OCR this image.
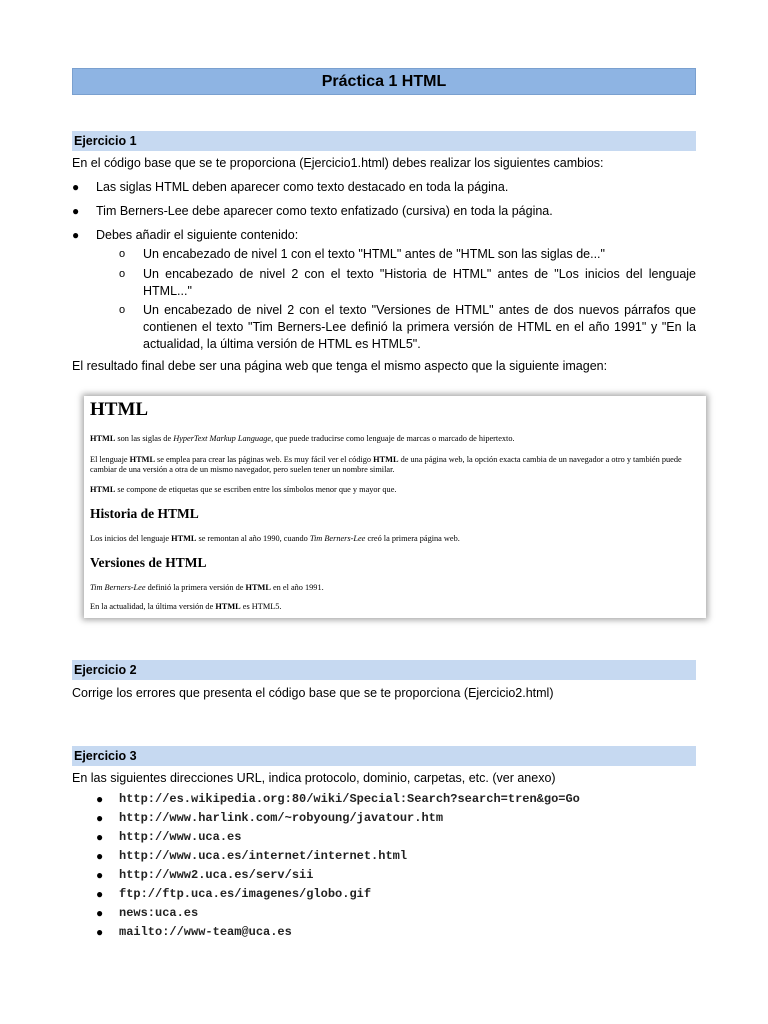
Práctica 1 HTML
Ejercicio 1
En el código base que se te proporciona (Ejercicio1.html) debes realizar los siguientes cambios:
● Las siglas HTML deben aparecer como texto destacado en toda la página.
● Tim Berners-Lee debe aparecer como texto enfatizado (cursiva) en toda la página.
● Debes añadir el siguiente contenido:
o Un encabezado de nivel 1 con el texto "HTML" antes de "HTML son las siglas de..."
o Un encabezado de nivel 2 con el texto "Historia de HTML" antes de "Los inicios del lenguaje HTML..."
o Un encabezado de nivel 2 con el texto "Versiones de HTML" antes de dos nuevos párrafos que contienen el texto "Tim Berners-Lee definió la primera versión de HTML en el año 1991" y "En la actualidad, la última versión de HTML es HTML5".
El resultado final debe ser una página web que tenga el mismo aspecto que la siguiente imagen:
HTML
HTML son las siglas de HyperText Markup Language, que puede traducirse como lenguaje de marcas o marcado de hipertexto.
El lenguaje HTML se emplea para crear las páginas web. Es muy fácil ver el código HTML de una página web, la opción exacta cambia de un navegador a otro y también puede cambiar de una versión a otra de un mismo navegador, pero suelen tener un nombre similar.
HTML se compone de etiquetas que se escriben entre los símbolos menor que y mayor que.
Historia de HTML
Los inicios del lenguaje HTML se remontan al año 1990, cuando Tim Berners-Lee creó la primera página web.
Versiones de HTML
Tim Berners-Lee definió la primera versión de HTML en el año 1991.
En la actualidad, la última versión de HTML es HTML5.
Ejercicio 2
Corrige los errores que presenta el código base que se te proporciona (Ejercicio2.html)
Ejercicio 3
En las siguientes direcciones URL, indica protocolo, dominio, carpetas, etc. (ver anexo)
● http://es.wikipedia.org:80/wiki/Special:Search?search=tren&go=Go
● http://www.harlink.com/~robyoung/javatour.htm
● http://www.uca.es
● http://www.uca.es/internet/internet.html
● http://www2.uca.es/serv/sii
● ftp://ftp.uca.es/imagenes/globo.gif
● news:uca.es
● mailto://www-team@uca.es
